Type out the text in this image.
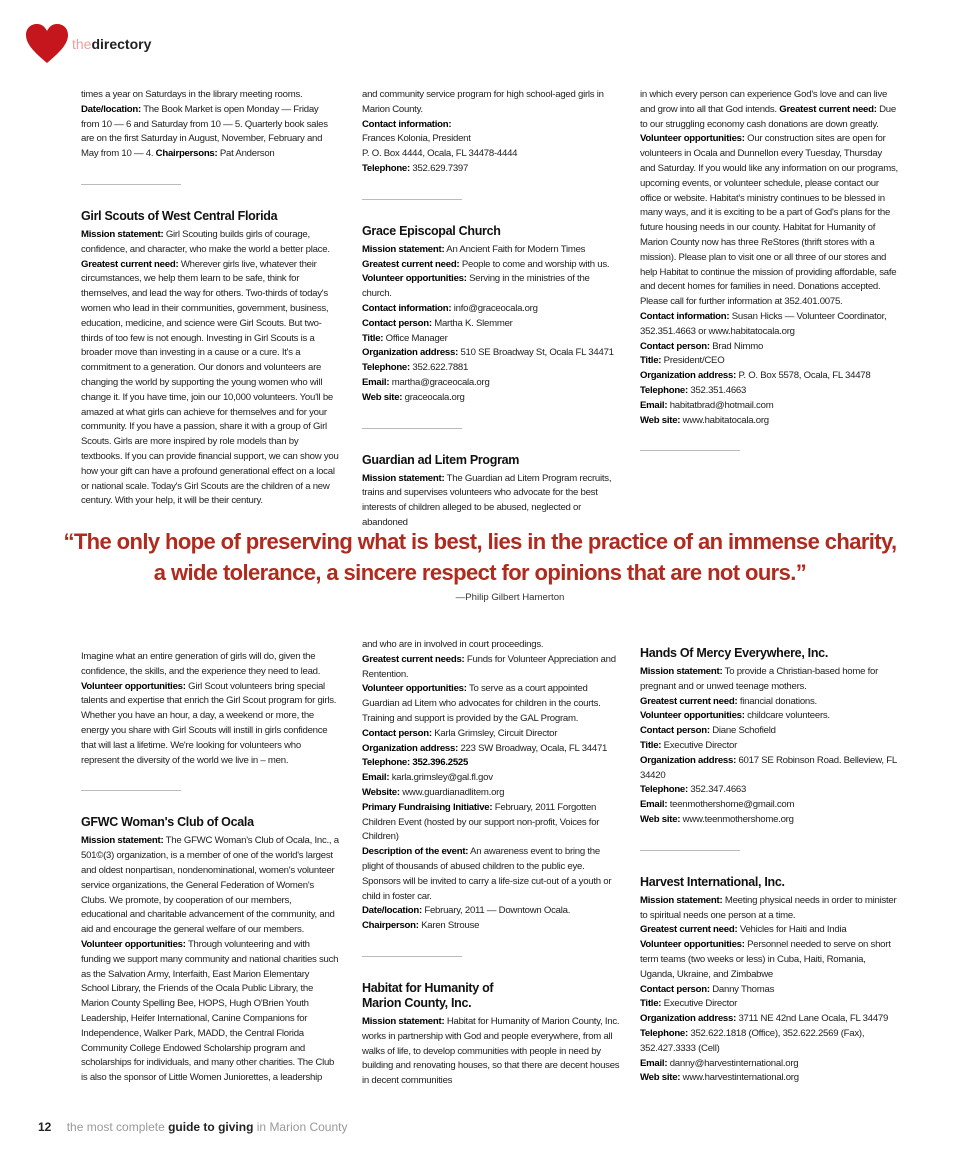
thedirectory

times a year on Saturdays in the library meeting rooms.

Date/location: The Book Market is open Monday — Friday from 10 — 6 and Saturday from 10 — 5. Quarterly book sales are on the first Saturday in August, November, February and May from 10 — 4. Chairpersons: Pat Anderson

Girl Scouts of West Central Florida

Mission statement: Girl Scouting builds girls of courage, confidence, and character, who make the world a better place.

Greatest current need: Wherever girls live, whatever their circumstances, we help them learn to be safe, think for themselves, and lead the way for others. Two-thirds of today's women who lead in their communities, government, business, education, medicine, and science were Girl Scouts. But two-thirds of too few is not enough. Investing in Girl Scouts is a broader move than investing in a cause or a cure. It's a commitment to a generation. Our donors and volunteers are changing the world by supporting the young women who will change it. If you have time, join our 10,000 volunteers. You'll be amazed at what girls can achieve for themselves and for your community. If you have a passion, share it with a group of Girl Scouts. Girls are more inspired by role models than by textbooks. If you can provide financial support, we can show you how your gift can have a profound generational effect on a local or national scale. Today's Girl Scouts are the children of a new century. With your help, it will be their century.

and community service program for high school-aged girls in Marion County.

Contact information:

Frances Kolonia, President

P. O. Box 4444, Ocala, FL 34478-4444

Telephone: 352.629.7397

Grace Episcopal Church

Mission statement: An Ancient Faith for Modern Times

Greatest current need: People to come and worship with us.

Volunteer opportunities: Serving in the ministries of the church.

Contact information: info@graceocala.org

Contact person: Martha K. Slemmer

Title: Office Manager

Organization address: 510 SE Broadway St, Ocala FL 34471

Telephone: 352.622.7881

Email: martha@graceocala.org

Web site: graceocala.org

Guardian ad Litem Program

Mission statement: The Guardian ad Litem Program recruits, trains and supervises volunteers who advocate for the best interests of children alleged to be abused, neglected or abandoned

in which every person can experience God's love and can live and grow into all that God intends. Greatest current need: Due to our struggling economy cash donations are down greatly.

Volunteer opportunities: Our construction sites are open for volunteers in Ocala and Dunnellon every Tuesday, Thursday and Saturday. If you would like any information on our programs, upcoming events, or volunteer schedule, please contact our office or website. Habitat's ministry continues to be blessed in many ways, and it is exciting to be a part of God's plans for the future housing needs in our county. Habitat for Humanity of Marion County now has three ReStores (thrift stores with a mission). Please plan to visit one or all three of our stores and help Habitat to continue the mission of providing affordable, safe and decent homes for families in need. Donations accepted. Please call for further information at 352.401.0075.

Contact information: Susan Hicks — Volunteer Coordinator, 352.351.4663 or www.habitatocala.org

Contact person: Brad Nimmo

Title: President/CEO

Organization address: P. O. Box 5578, Ocala, FL 34478

Telephone: 352.351.4663

Email: habitatbrad@hotmail.com

Web site: www.habitatocala.org

“The only hope of preserving what is best, lies in the practice of an immense charity,
a wide tolerance, a sincere respect for opinions that are not ours.”
—Philip Gilbert Hamerton

Imagine what an entire generation of girls will do, given the confidence, the skills, and the experience they need to lead.

Volunteer opportunities: Girl Scout volunteers bring special talents and expertise that enrich the Girl Scout program for girls. Whether you have an hour, a day, a weekend or more, the energy you share with Girl Scouts will instill in girls confidence that will last a lifetime. We're looking for volunteers who represent the diversity of the world we live in – men.

GFWC Woman's Club of Ocala

Mission statement: The GFWC Woman's Club of Ocala, Inc., a 501©(3) organization, is a member of one of the world's largest and oldest nonpartisan, nondenominational, women's volunteer service organizations, the General Federation of Women's Clubs. We promote, by cooperation of our members, educational and charitable advancement of the community, and aid and encourage the general welfare of our members.

Volunteer opportunities: Through volunteering and with funding we support many community and national charities such as the Salvation Army, Interfaith, East Marion Elementary School Library, the Friends of the Ocala Public Library, the Marion County Spelling Bee, HOPS, Hugh O'Brien Youth Leadership, Heifer International, Canine Companions for Independence, Walker Park, MADD, the Central Florida Community College Endowed Scholarship program and scholarships for individuals, and many other charities. The Club is also the sponsor of Little Women Juniorettes, a leadership

and who are in involved in court proceedings.

Greatest current needs: Funds for Volunteer Appreciation and Rentention.

Volunteer opportunities: To serve as a court appointed Guardian ad Litem who advocates for children in the courts. Training and support is provided by the GAL Program.

Contact person: Karla Grimsley, Circuit Director

Organization address: 223 SW Broadway, Ocala, FL 34471

Telephone: 352.396.2525

Email: karla.grimsley@gal.fl.gov

Website: www.guardianadlitem.org

Primary Fundraising Initiative: February, 2011 Forgotten Children Event (hosted by our support non-profit, Voices for Children)

Description of the event: An awareness event to bring the plight of thousands of abused children to the public eye. Sponsors will be invited to carry a life-size cut-out of a youth or child in foster car.

Date/location: February, 2011 — Downtown Ocala.

Chairperson: Karen Strouse

Habitat for Humanity of
Marion County, Inc.

Mission statement: Habitat for Humanity of Marion County, Inc. works in partnership with God and people everywhere, from all walks of life, to develop communities with people in need by building and renovating houses, so that there are decent houses in decent communities

Hands Of Mercy Everywhere, Inc.

Mission statement: To provide a Christian-based home for pregnant and or unwed teenage mothers.

Greatest current need: financial donations.

Volunteer opportunities: childcare volunteers.

Contact person: Diane Schofield

Title: Executive Director

Organization address: 6017 SE Robinson Road. Belleview, FL 34420

Telephone: 352.347.4663

Email: teenmothershome@gmail.com

Web site: www.teenmothershome.org

Harvest International, Inc.

Mission statement: Meeting physical needs in order to minister to spiritual needs one person at a time.

Greatest current need: Vehicles for Haiti and India

Volunteer opportunities: Personnel needed to serve on short term teams (two weeks or less) in Cuba, Haiti, Romania, Uganda, Ukraine, and Zimbabwe

Contact person: Danny Thomas

Title: Executive Director

Organization address: 3711 NE 42nd Lane Ocala, FL 34479

Telephone: 352.622.1818 (Office), 352.622.2569 (Fax), 352.427.3333 (Cell)

Email: danny@harvestinternational.org

Web site: www.harvestinternational.org

12 the most complete guide to giving in Marion County
